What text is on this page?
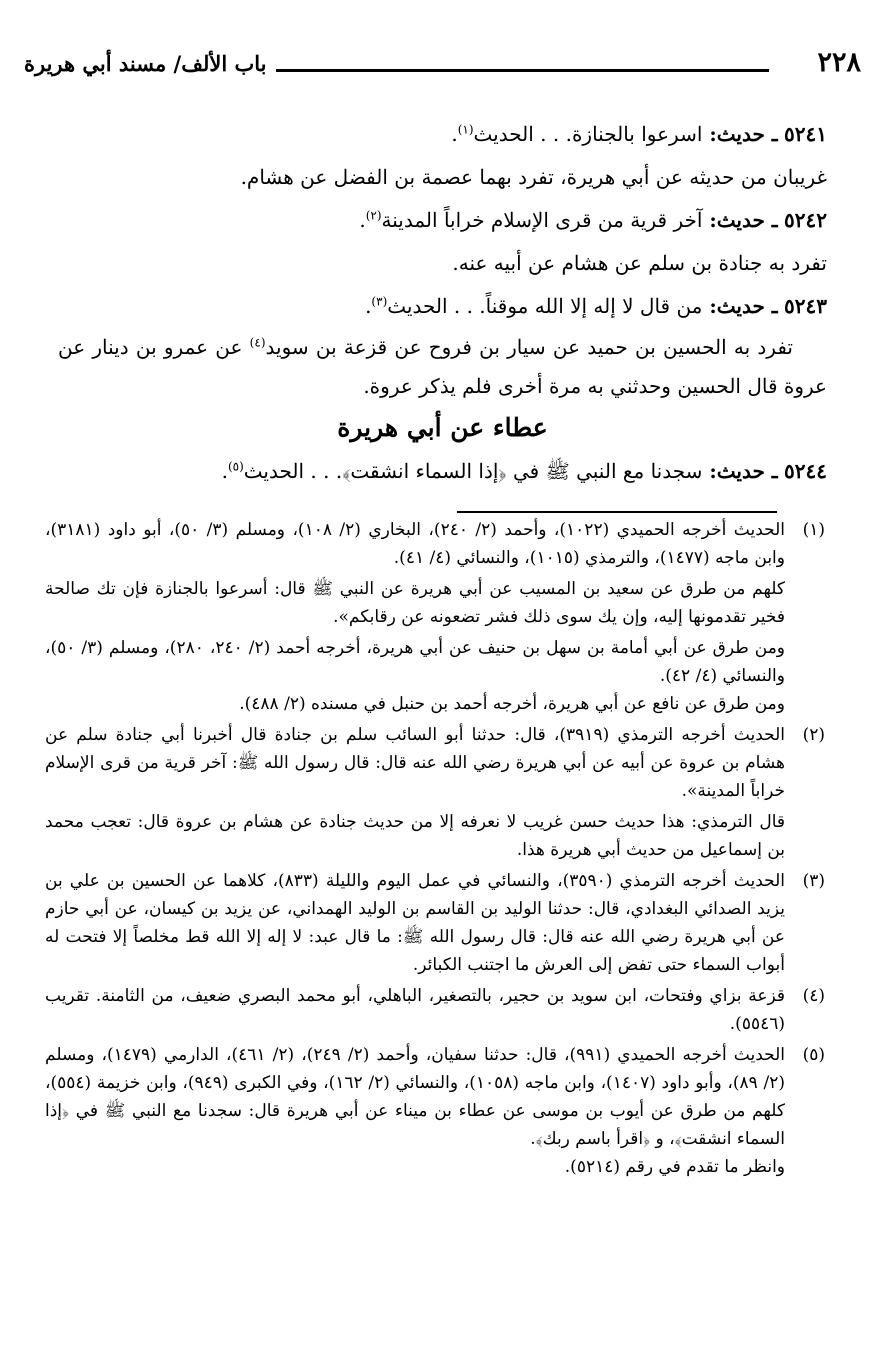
٢٢٨
باب الألف/ مسند أبي هريرة

٥٢٤١ ـ حديث: اسرعوا بالجنازة. . . الحديث$^{(١)}$.

غريبان من حديثه عن أبي هريرة، تفرد بهما عصمة بن الفضل عن هشام.

٥٢٤٢ ـ حديث: آخر قرية من قرى الإسلام خراباً المدينة$^{(٢)}$.

تفرد به جنادة بن سلم عن هشام عن أبيه عنه.

٥٢٤٣ ـ حديث: من قال لا إله إلا الله موقناً. . . الحديث$^{(٣)}$.

تفرد به الحسين بن حميد عن سيار بن فروح عن قزعة بن سويد$^{(٤)}$ عن عمرو بن دينار عن عروة قال الحسين وحدثني به مرة أخرى فلم يذكر عروة.

عطاء عن أبي هريرة

٥٢٤٤ ـ حديث: سجدنا مع النبي ﷺ في ﴿إذا السماء انشقت﴾. . . الحديث$^{(٥)}$.

(١)

الحديث أخرجه الحميدي (١٠٢٢)، وأحمد (٢/ ٢٤٠)، البخاري (٢/ ١٠٨)، ومسلم (٣/ ٥٠)، أبو داود (٣١٨١)، وابن ماجه (١٤٧٧)، والترمذي (١٠١٥)، والنسائي (٤/ ٤١).

كلهم من طرق عن سعيد بن المسيب عن أبي هريرة عن النبي ﷺ قال: أسرعوا بالجنازة فإن تك صالحة فخير تقدمونها إليه، وإن يك سوى ذلك فشر تضعونه عن رقابكم».

ومن طرق عن أبي أمامة بن سهل بن حنيف عن أبي هريرة، أخرجه أحمد (٢/ ٢٤٠، ٢٨٠)، ومسلم (٣/ ٥٠)، والنسائي (٤/ ٤٢).

ومن طرق عن نافع عن أبي هريرة، أخرجه أحمد بن حنبل في مسنده (٢/ ٤٨٨).

(٢)

الحديث أخرجه الترمذي (٣٩١٩)، قال: حدثنا أبو السائب سلم بن جنادة قال أخبرنا أبي جنادة سلم عن هشام بن عروة عن أبيه عن أبي هريرة رضي الله عنه قال: قال رسول الله ﷺ: آخر قرية من قرى الإسلام خراباً المدينة».

قال الترمذي: هذا حديث حسن غريب لا نعرفه إلا من حديث جنادة عن هشام بن عروة قال: تعجب محمد بن إسماعيل من حديث أبي هريرة هذا.

(٣)

الحديث أخرجه الترمذي (٣٥٩٠)، والنسائي في عمل اليوم والليلة (٨٣٣)، كلاهما عن الحسين بن علي بن يزيد الصدائي البغدادي، قال: حدثنا الوليد بن القاسم بن الوليد الهمداني، عن يزيد بن كيسان، عن أبي حازم عن أبي هريرة رضي الله عنه قال: قال رسول الله ﷺ: ما قال عبد: لا إله إلا الله قط مخلصاً إلا فتحت له أبواب السماء حتى تفض إلى العرش ما اجتنب الكبائر.

(٤)

قزعة بزاي وفتحات، ابن سويد بن حجير، بالتصغير، الباهلي، أبو محمد البصري ضعيف، من الثامنة. تقريب (٥٥٤٦).

(٥)

الحديث أخرجه الحميدي (٩٩١)، قال: حدثنا سفيان، وأحمد (٢/ ٢٤٩)، (٢/ ٤٦١)، الدارمي (١٤٧٩)، ومسلم (٢/ ٨٩)، وأبو داود (١٤٠٧)، وابن ماجه (١٠٥٨)، والنسائي (٢/ ١٦٢)، وفي الكبرى (٩٤٩)، وابن خزيمة (٥٥٤)، كلهم من طرق عن أيوب بن موسى عن عطاء بن ميناء عن أبي هريرة قال: سجدنا مع النبي ﷺ في ﴿إذا السماء انشقت﴾، و ﴿اقرأ باسم ربك﴾.

وانظر ما تقدم في رقم (٥٢١٤).
